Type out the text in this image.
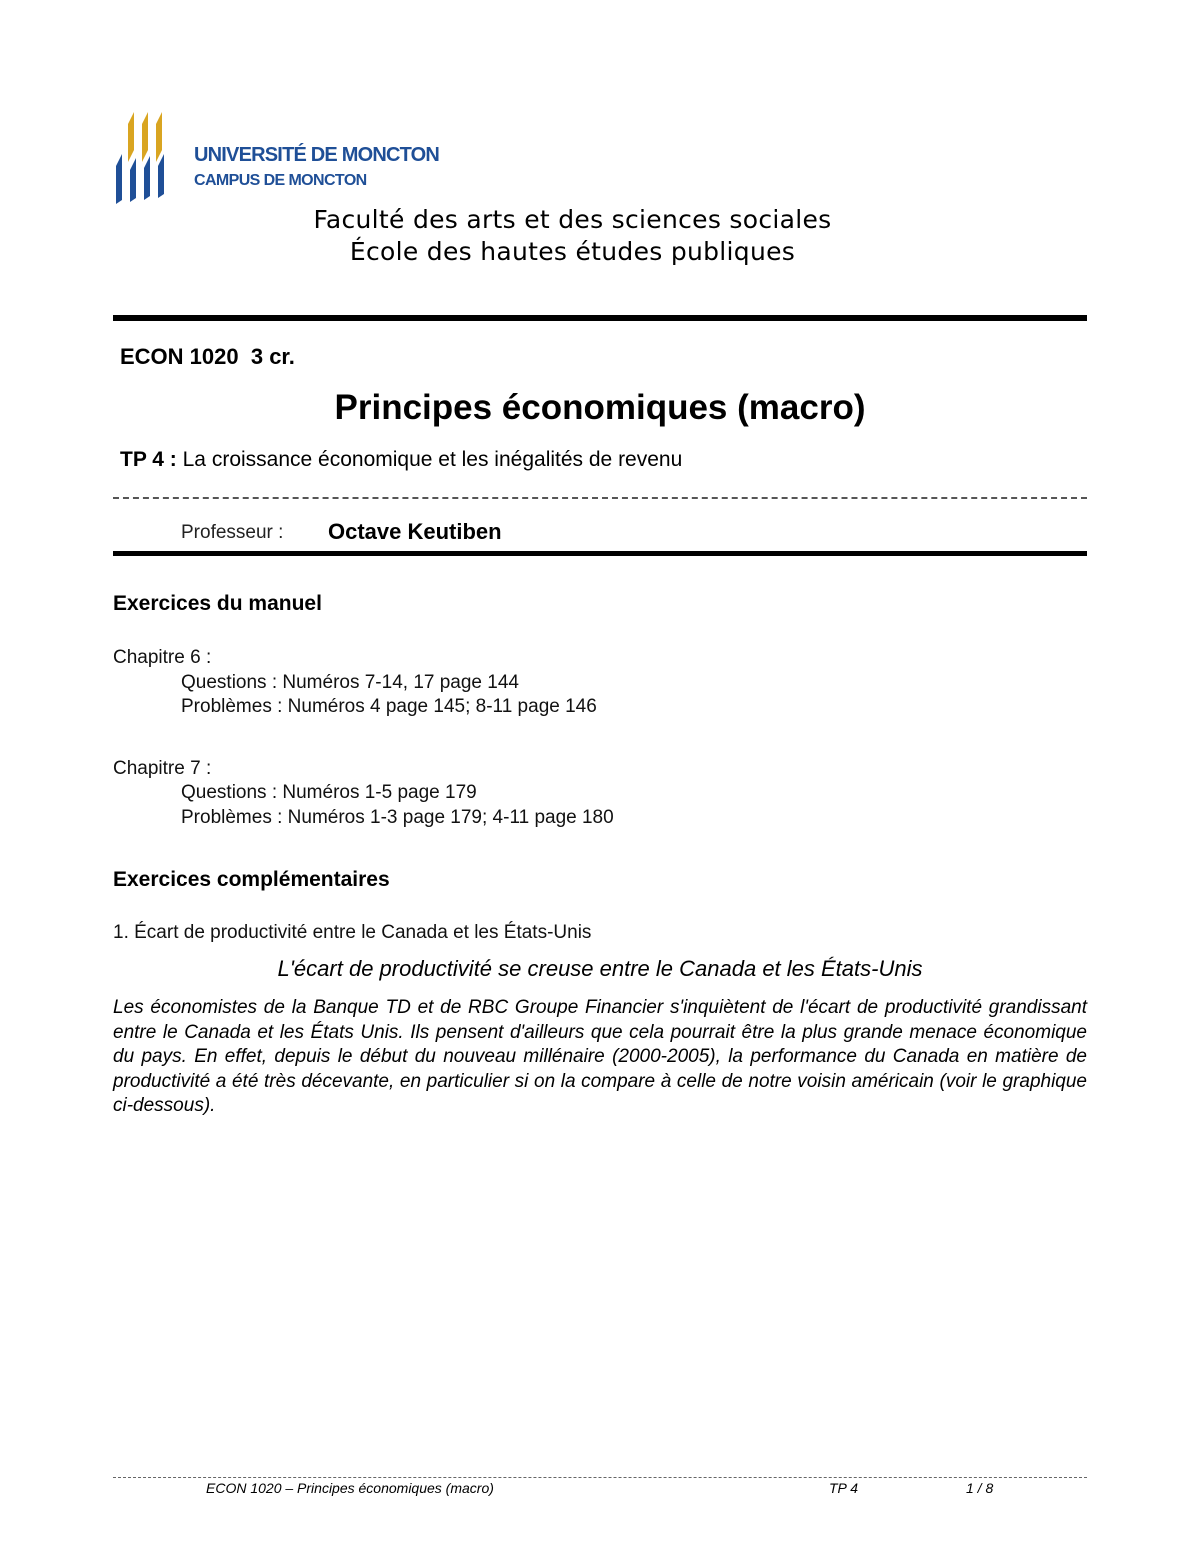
UNIVERSITÉ DE MONCTON
CAMPUS DE MONCTON
Faculté des arts et des sciences sociales
École des hautes études publiques
ECON 1020  3 cr.
Principes économiques (macro)
TP 4 : La croissance économique et les inégalités de revenu
Professeur : Octave Keutiben
Exercices du manuel
Chapitre 6 :
Questions : Numéros 7-14, 17 page 144
Problèmes : Numéros 4 page 145; 8-11 page 146
Chapitre 7 :
Questions : Numéros 1-5 page 179
Problèmes : Numéros 1-3 page 179; 4-11 page 180
Exercices complémentaires
1. Écart de productivité entre le Canada et les États-Unis
L'écart de productivité se creuse entre le Canada et les États-Unis
Les économistes de la Banque TD et de RBC Groupe Financier s'inquiètent de l'écart de productivité grandissant entre le Canada et les États Unis. Ils pensent d'ailleurs que cela pourrait être la plus grande menace économique du pays. En effet, depuis le début du nouveau millénaire (2000-2005), la performance du Canada en matière de productivité a été très décevante, en particulier si on la compare à celle de notre voisin américain (voir le graphique ci-dessous).
ECON 1020 – Principes économiques (macro)	TP 4	1 / 8
